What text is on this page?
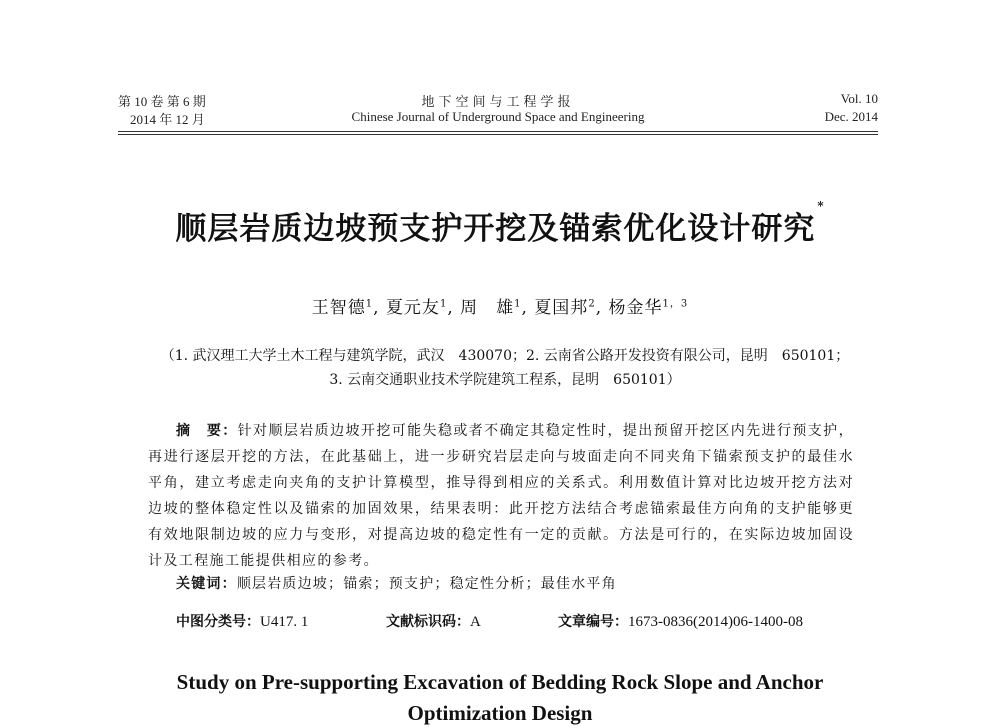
第 10 卷 第 6 期	地下空间与工程学报	Vol. 10
2014 年 12 月	Chinese Journal of Underground Space and Engineering	Dec. 2014
顺层岩质边坡预支护开挖及锚索优化设计研究*
王智德$^1$, 夏元友$^1$, 周　雄$^1$, 夏国邦$^2$, 杨金华$^{1,3}$
（1. 武汉理工大学土木工程与建筑学院，武汉　430070；2. 云南省公路开发投资有限公司，昆明　650101；
3. 云南交通职业技术学院建筑工程系，昆明　650101）
摘　要：针对顺层岩质边坡开挖可能失稳或者不确定其稳定性时，提出预留开挖区内先进行预支护，再进行逐层开挖的方法，在此基础上，进一步研究岩层走向与坡面走向不同夹角下锚索预支护的最佳水平角，建立考虑走向夹角的支护计算模型，推导得到相应的关系式。利用数值计算对比边坡开挖方法对边坡的整体稳定性以及锚索的加固效果，结果表明：此开挖方法结合考虑锚索最佳方向角的支护能够更有效地限制边坡的应力与变形，对提高边坡的稳定性有一定的贡献。方法是可行的，在实际边坡加固设计及工程施工能提供相应的参考。
关键词：顺层岩质边坡；锚索；预支护；稳定性分析；最佳水平角
中图分类号：U417. 1	文献标识码：A	文章编号：1673-0836(2014)06-1400-08
Study on Pre-supporting Excavation of Bedding Rock Slope and Anchor
Optimization Design
